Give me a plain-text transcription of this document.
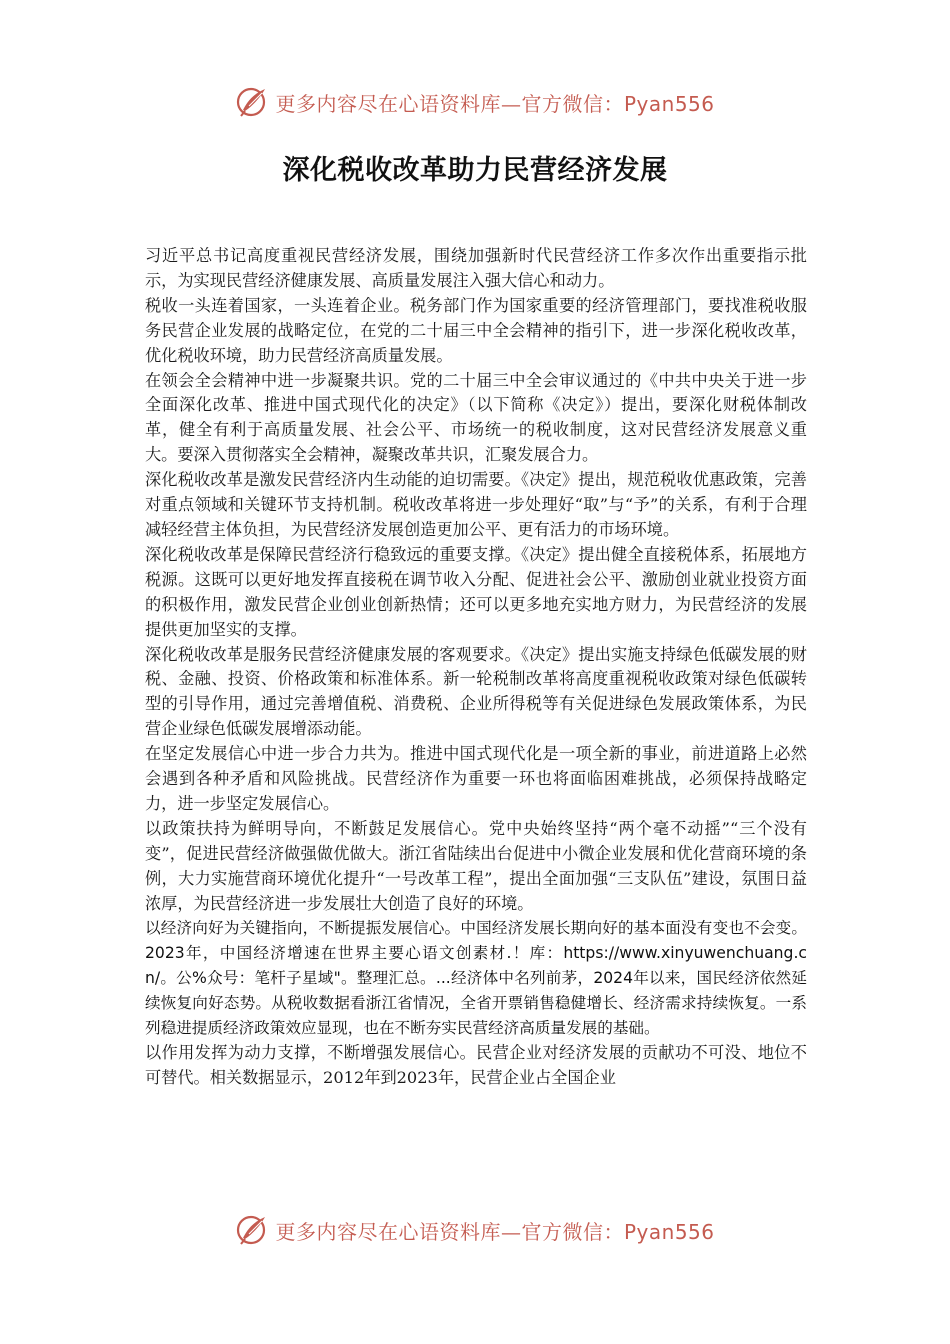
更多内容尽在心语资料库—官方微信：Pyan556
深化税收改革助力民营经济发展

习近平总书记高度重视民营经济发展，围绕加强新时代民营经济工作多次作出重要指示批示，为实现民营经济健康发展、高质量发展注入强大信心和动力。

税收一头连着国家，一头连着企业。税务部门作为国家重要的经济管理部门，要找准税收服务民营企业发展的战略定位，在党的二十届三中全会精神的指引下，进一步深化税收改革，优化税收环境，助力民营经济高质量发展。

在领会全会精神中进一步凝聚共识。党的二十届三中全会审议通过的《中共中央关于进一步全面深化改革、推进中国式现代化的决定》（以下简称《决定》）提出，要深化财税体制改革，健全有利于高质量发展、社会公平、市场统一的税收制度，这对民营经济发展意义重大。要深入贯彻落实全会精神，凝聚改革共识，汇聚发展合力。

深化税收改革是激发民营经济内生动能的迫切需要。《决定》提出，规范税收优惠政策，完善对重点领域和关键环节支持机制。税收改革将进一步处理好“取”与“予”的关系，有利于合理减轻经营主体负担，为民营经济发展创造更加公平、更有活力的市场环境。

深化税收改革是保障民营经济行稳致远的重要支撑。《决定》提出健全直接税体系，拓展地方税源。这既可以更好地发挥直接税在调节收入分配、促进社会公平、激励创业就业投资方面的积极作用，激发民营企业创业创新热情；还可以更多地充实地方财力，为民营经济的发展提供更加坚实的支撑。

深化税收改革是服务民营经济健康发展的客观要求。《决定》提出实施支持绿色低碳发展的财税、金融、投资、价格政策和标准体系。新一轮税制改革将高度重视税收政策对绿色低碳转型的引导作用，通过完善增值税、消费税、企业所得税等有关促进绿色发展政策体系，为民营企业绿色低碳发展增添动能。

在坚定发展信心中进一步合力共为。推进中国式现代化是一项全新的事业，前进道路上必然会遇到各种矛盾和风险挑战。民营经济作为重要一环也将面临困难挑战，必须保持战略定力，进一步坚定发展信心。

以政策扶持为鲜明导向，不断鼓足发展信心。党中央始终坚持“两个毫不动摇”“三个没有变”，促进民营经济做强做优做大。浙江省陆续出台促进中小微企业发展和优化营商环境的条例，大力实施营商环境优化提升“一号改革工程”，提出全面加强“三支队伍”建设，氛围日益浓厚，为民营经济进一步发展壮大创造了良好的环境。

以经济向好为关键指向，不断提振发展信心。中国经济发展长期向好的基本面没有变也不会变。2023年，中国经济增速在世界主要心语文创素材.！库：https://www.xinyuwenchuang.cn/。公%众号：笔杆子星域"。整理汇总。...经济体中名列前茅，2024年以来，国民经济依然延续恢复向好态势。从税收数据看浙江省情况，全省开票销售稳健增长、经济需求持续恢复。一系列稳进提质经济政策效应显现，也在不断夯实民营经济高质量发展的基础。

以作用发挥为动力支撑，不断增强发展信心。民营企业对经济发展的贡献功不可没、地位不可替代。相关数据显示，2012年到2023年，民营企业占全国企业

更多内容尽在心语资料库—官方微信：Pyan556
